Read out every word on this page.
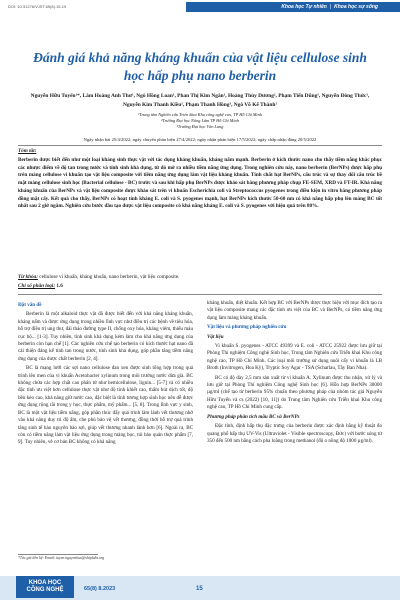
DOI: 10.31276/VJST.65(8).15-19	Khoa học Tự nhiên | Khoa học sự sống
Đánh giá khả năng kháng khuẩn của vật liệu cellulose sinh học hấp phụ nano berberin
Nguyễn Hữu Tuyển¹*, Lâm Hoàng Anh Thư¹, Ngô Hồng Loan¹, Phan Thị Kim Ngân¹, Hoàng Thùy Dương², Phạm Tiến Dũng¹, Nguyễn Đông Thức¹, Nguyễn Kim Thanh Kiều¹, Phạm Thanh Hồng³, Ngô Võ Kế Thành¹
¹Trung tâm Nghiên cứu Triển khai Khu công nghệ cao, TP Hồ Chí Minh
²Trường Đại học Nông Lâm TP Hồ Chí Minh
³Trường Đại học Văn Lang
Ngày nhận bài 25/4/2022; ngày chuyển phản biện 27/4/2022; ngày nhận phản biện 17/5/2022; ngày chấp nhận đăng 20/5/2022
Tóm tắt:
Berberin được biết đến như một loại kháng sinh thực vật với tác dụng kháng khuẩn, kháng nấm mạnh. Berberin ở kích thước nano cho thấy tiềm năng khắc phục các nhược điểm về độ tan trong nước và tính sinh khả dụng, từ đó mở ra nhiều tiềm năng ứng dụng. Trong nghiên cứu này, nano berberin (BerNPs) được hấp phụ trên màng cellulose vi khuẩn tạo vật liệu composite với tiềm năng ứng dụng làm vật liệu kháng khuẩn. Tính chất hạt BerNPs, cấu trúc và sự thay đổi cấu trúc bề mặt màng cellulose sinh học (Bacterial cellulose - BC) trước và sau khi hấp phụ BerNPs được khảo sát bằng phương pháp chụp FE-SEM, XRD và FT-IR. Khả năng kháng khuẩn của BerNPs và vật liệu composite được khảo sát trên vi khuẩn Escherichia coli và Streptococcus pyogenes trong điều kiện in vitro bằng phương pháp đồng mặt cấy. Kết quả cho thấy, BerNPs có hoạt tính kháng E. coli và S. pyogenes mạnh, hạt BerNPs kích thước 50-60 nm có khả năng hấp phụ lên màng BC tốt nhất sau 2 giờ ngâm. Nghiên cứu bước đầu tạo được vật liệu composite có khả năng kháng E. coli và S. pyogenes với hiệu quả trên 80%.
Từ khóa: cellulose vi khuẩn, kháng khuẩn, nano berberin, vật liệu composite.
Chỉ số phân loại: 1.6

Đặt vấn đề

Berberin là một alkaloid thực vật đã được biết đến với khả năng kháng khuẩn, kháng nấm và được ứng dụng trong nhiều lĩnh vực như điều trị các bệnh về tiêu hóa, hỗ trợ điều trị ung thư, đái tháo đường type II, chống oxy hóa, kháng viêm, thiếu máu cục bộ... [1-3]. Tuy nhiên, tính sinh khả dụng kém làm cho khả năng ứng dụng của berberin còn hạn chế [1]. Các nghiên cứu chế tạo berberin có kích thước hạt nano đã cải thiện đáng kể tính tan trong nước, tính sinh khả dụng, góp phần tăng tiềm năng ứng dụng của dược chất berberin [2, 4].

BC là mạng lưới các sợi nano cellulose đan xen được sinh tổng hợp trong quá trình lên men của vi khuẩn Acetobacter xylinum trong môi trường nước dừa già. BC không chứa các hợp chất cao phân tử như hemicellulose, lignin... [5-7] và có nhiều đặc tính ưu việt hơn cellulose thực vật như độ tinh khiết cao, thấm hút dịch tốt, độ bền kéo cao, khả năng giữ nước cao, đặc biệt là tính tương hợp sinh học nên dễ được ứng dụng rộng rãi trong y học, thực phẩm, mỹ phẩm... [5, 8]. Trong lĩnh vực y sinh, BC là một vật liệu tiềm năng, góp phần thúc đẩy quá trình làm lành vết thương nhờ vào khả năng duy trì độ ẩm, che phủ bảo vệ vết thương, đồng thời hỗ trợ quá trình tăng sinh tế bào nguyên bào sợi, giúp vết thương nhanh lành hơn [6]. Ngoài ra, BC còn có tiềm năng làm vật liệu ứng dụng trong màng bọc, túi bảo quản thực phẩm [7, 9]. Tuy nhiên, vẻ cơ bản BC không có khả năng

kháng khuẩn, diệt khuẩn. Kết hợp BC với BerNPs được thực hiện với mục đích tạo ra vật liệu composite mang các đặc tính ưu việt của BC và BerNPs, có tiềm năng ứng dụng làm màng kháng khuẩn.

Vật liệu và phương pháp nghiên cứu

Vật liệu

Vi khuẩn S. pyogenes - ATCC 49399 và E. coli - ATCC 25922 được lưu giữ tại Phòng Thí nghiệm Công nghệ Sinh học, Trung tâm Nghiên cứu Triển khai Khu công nghệ cao, TP Hồ Chí Minh. Các loại môi trường sử dụng nuôi cấy vi khuẩn là LB Broth (Invitrogen, Hoa Kỳ), Tryptic Soy Agar - TSA (Scharlau, Tây Ban Nha).

BC có độ dày 2,5 mm sản xuất từ vi khuẩn A. Xylinum được thu nhận, xử lý và lưu giữ tại Phòng Thí nghiệm Công nghệ Sinh học [6]. Hỗn hợp BerNPs 30000 µg/ml (chế tạo từ berberin 95% chuẩn theo phương pháp của nhóm tác giả Nguyễn Hữu Tuyển và cs (2022) [10, 11]) do Trung tâm Nghiên cứu Triển khai Khu công nghệ cao, TP Hồ Chí Minh cung cấp.

Phương pháp phân tích mẫu BC và BerNPs

Đặc tính, định hấp thụ đặc trưng của berberin được xác định bằng kỹ thuật đo quang phổ hấp thụ UV-Vis (Ultraviolet - Visible spectroscopy, Đức) với bước sóng từ 350 đến 500 nm bằng cách pha loãng trong methanol (độ o nồng độ 1000 µg/ml).

*Tác giả liên hệ: Email: tuyen.nguyenhuu@shtplabs.org
KHOA HỌC
CÔNG NGHỆ	65(8) 8.2023	15
